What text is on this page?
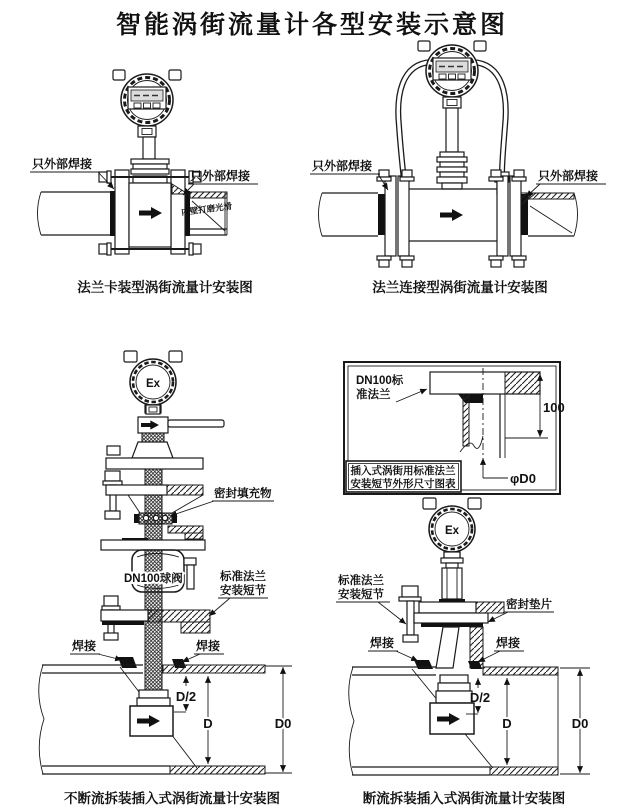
智能涡街流量计各型安装示意图
内壁打磨光滑
只外部焊接
只外部焊接
法兰卡装型涡街流量计安装图
只外部焊接
只外部焊接
法兰连接型涡街流量计安装图
Ex
DN100球阀
密封填充物
标准法兰
安装短节
焊接	焊接
D/2
D	D0
不断流拆装插入式涡街流量计安装图
DN100标
准法兰
100
φD0
插入式涡街用标准法兰
安装短节外形尺寸图表
Ex
标准法兰
安装短节
密封垫片
焊接	焊接
D/2
D	D0
断流拆装插入式涡街流量计安装图
